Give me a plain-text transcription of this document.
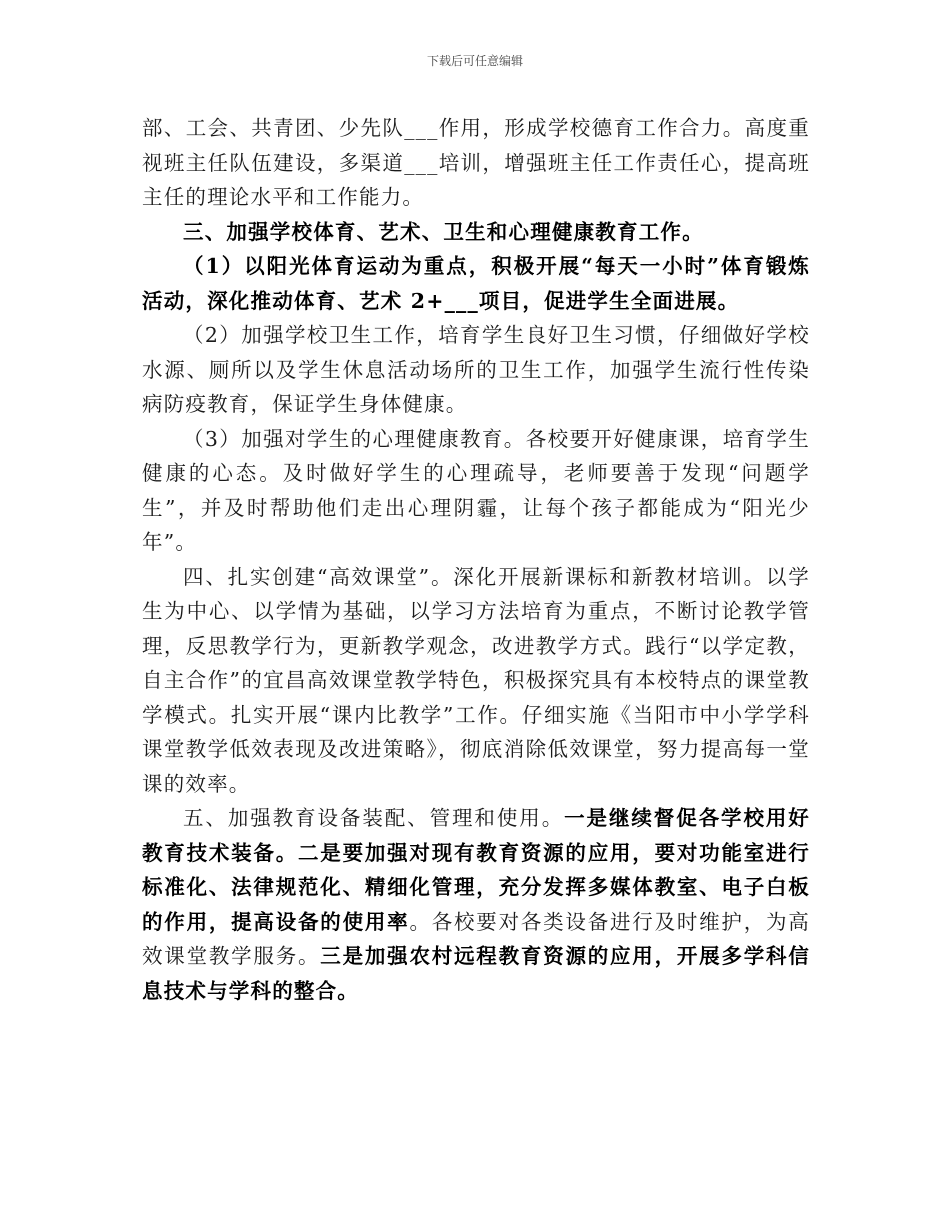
下载后可任意编辑

部、工会、共青团、少先队___作用，形成学校德育工作合力。高度重视班主任队伍建设，多渠道___培训，增强班主任工作责任心，提高班主任的理论水平和工作能力。

三、加强学校体育、艺术、卫生和心理健康教育工作。

（1）以阳光体育运动为重点，积极开展“每天一小时”体育锻炼活动，深化推动体育、艺术 2+___项目，促进学生全面进展。

（2）加强学校卫生工作，培育学生良好卫生习惯，仔细做好学校水源、厕所以及学生休息活动场所的卫生工作，加强学生流行性传染病防疫教育，保证学生身体健康。

（3）加强对学生的心理健康教育。各校要开好健康课，培育学生健康的心态。及时做好学生的心理疏导，老师要善于发现“问题学生”，并及时帮助他们走出心理阴霾，让每个孩子都能成为“阳光少年”。

四、扎实创建“高效课堂”。深化开展新课标和新教材培训。以学生为中心、以学情为基础，以学习方法培育为重点，不断讨论教学管理，反思教学行为，更新教学观念，改进教学方式。践行“以学定教，自主合作”的宜昌高效课堂教学特色，积极探究具有本校特点的课堂教学模式。扎实开展“课内比教学”工作。仔细实施《当阳市中小学学科课堂教学低效表现及改进策略》，彻底消除低效课堂，努力提高每一堂课的效率。

五、加强教育设备装配、管理和使用。一是继续督促各学校用好教育技术装备。二是要加强对现有教育资源的应用，要对功能室进行标准化、法律规范化、精细化管理，充分发挥多媒体教室、电子白板的作用，提高设备的使用率。各校要对各类设备进行及时维护，为高效课堂教学服务。三是加强农村远程教育资源的应用，开展多学科信息技术与学科的整合。
